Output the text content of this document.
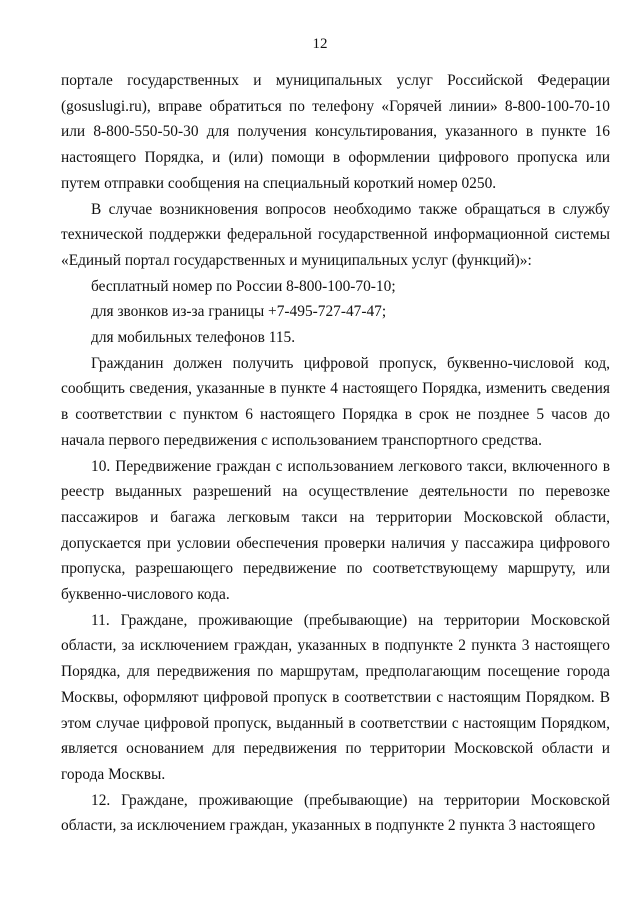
12

порталe государственных и муниципальных услуг Российской Федерации (gosuslugi.ru), вправе обратиться по телефону «Горячей линии» 8-800-100-70-10 или 8-800-550-50-30 для получения консультирования, указанного в пункте 16 настоящего Порядка, и (или) помощи в оформлении цифрового пропуска или путем отправки сообщения на специальный короткий номер 0250.

В случае возникновения вопросов необходимо также обращаться в службу технической поддержки федеральной государственной информационной системы «Единый портал государственных и муниципальных услуг (функций)»:

бесплатный номер по России 8-800-100-70-10;

для звонков из-за границы +7-495-727-47-47;

для мобильных телефонов 115.

Гражданин должен получить цифровой пропуск, буквенно-числовой код, сообщить сведения, указанные в пункте 4 настоящего Порядка, изменить сведения в соответствии с пунктом 6 настоящего Порядка в срок не позднее 5 часов до начала первого передвижения с использованием транспортного средства.

10. Передвижение граждан с использованием легкового такси, включенного в реестр выданных разрешений на осуществление деятельности по перевозке пассажиров и багажа легковым такси на территории Московской области, допускается при условии обеспечения проверки наличия у пассажира цифрового пропуска, разрешающего передвижение по соответствующему маршруту, или буквенно-числового кода.

11. Граждане, проживающие (пребывающие) на территории Московской области, за исключением граждан, указанных в подпункте 2 пункта 3 настоящего Порядка, для передвижения по маршрутам, предполагающим посещение города Москвы, оформляют цифровой пропуск в соответствии с настоящим Порядком. В этом случае цифровой пропуск, выданный в соответствии с настоящим Порядком, является основанием для передвижения по территории Московской области и города Москвы.

12. Граждане, проживающие (пребывающие) на территории Московской области, за исключением граждан, указанных в подпункте 2 пункта 3 настоящего
